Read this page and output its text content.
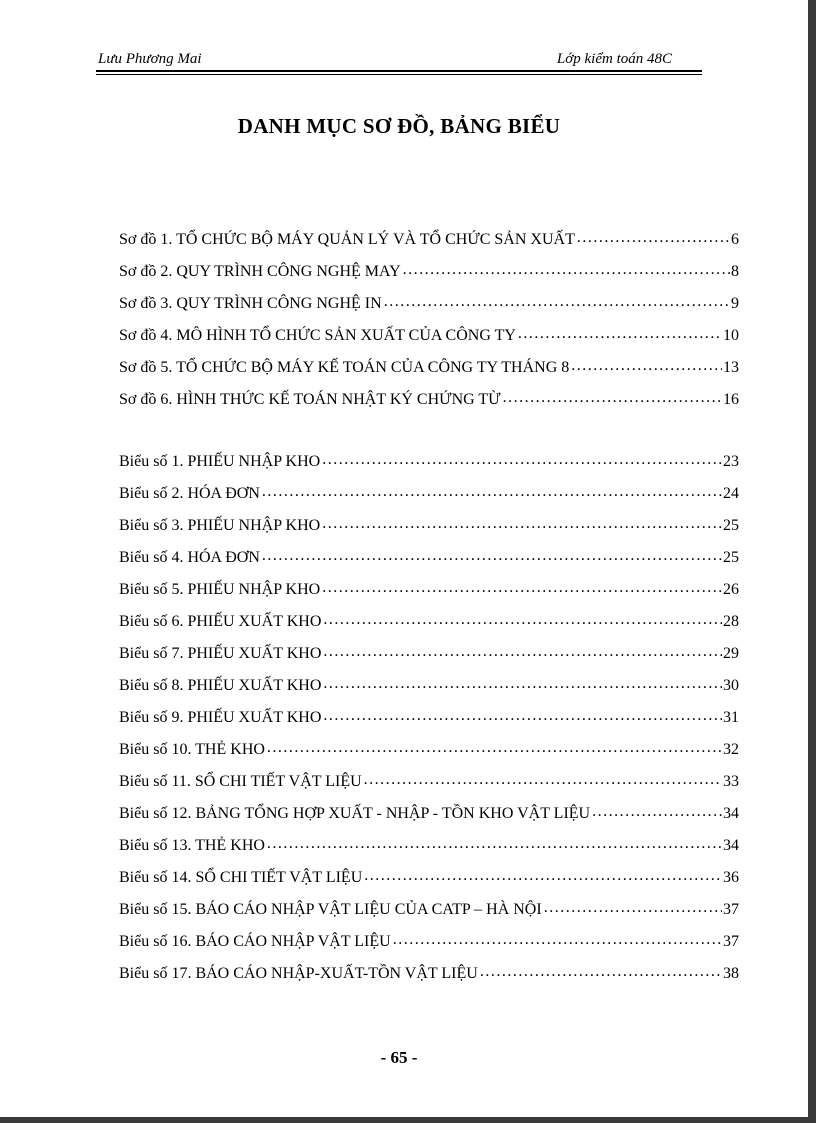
Lưu Phương Mai	Lớp kiểm toán 48C
DANH MỤC SƠ ĐỒ, BẢNG BIỂU
Sơ đồ 1. TỔ CHỨC BỘ MÁY QUẢN LÝ VÀ TỔ CHỨC SẢN XUẤT .....	6
Sơ đồ 2. QUY TRÌNH CÔNG NGHỆ MAY .....	8
Sơ đồ 3. QUY TRÌNH CÔNG NGHỆ IN .....	9
Sơ đồ 4. MÔ HÌNH TỔ CHỨC SẢN XUẤT CỦA CÔNG TY .....	10
Sơ đồ 5. TỔ CHỨC BỘ MÁY KẾ TOÁN CỦA CÔNG TY THÁNG 8 .....	13
Sơ đồ 6. HÌNH THỨC KẾ TOÁN NHẬT KÝ CHỨNG TỪ .....	16
Biểu số 1. PHIẾU NHẬP KHO .....	23
Biểu số 2. HÓA ĐƠN .....	24
Biểu số 3. PHIẾU NHẬP KHO .....	25
Biểu số 4. HÓA ĐƠN .....	25
Biểu số 5. PHIẾU NHẬP KHO .....	26
Biểu số 6. PHIẾU XUẤT KHO .....	28
Biểu số 7. PHIẾU XUẤT KHO .....	29
Biểu số 8. PHIẾU XUẤT KHO .....	30
Biểu số 9. PHIẾU XUẤT KHO .....	31
Biểu số 10. THẺ KHO .....	32
Biểu số 11. SỔ CHI TIẾT VẬT LIỆU .....	33
Biểu số 12. BẢNG TỔNG HỢP XUẤT - NHẬP - TỒN KHO VẬT LIỆU .....	34
Biểu số 13. THẺ KHO .....	34
Biểu số 14. SỔ CHI TIẾT VẬT LIỆU .....	36
Biểu số 15. BÁO CÁO NHẬP VẬT LIỆU CỦA CATP – HÀ NỘI .....	37
Biểu số 16. BÁO CÁO NHẬP VẬT LIỆU .....	37
Biểu số 17. BÁO CÁO NHẬP-XUẤT-TỒN VẬT LIỆU .....	38
- 65 -
